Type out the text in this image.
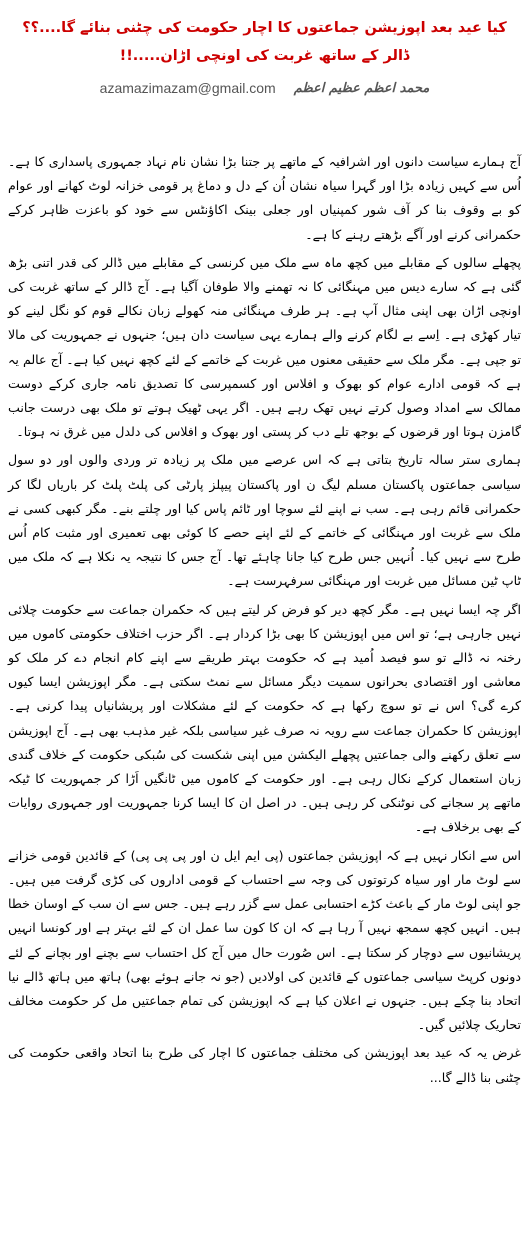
کیا عید بعد اپوزیشن جماعتوں کا اچار حکومت کی چٹنی بنائے گا....؟؟ ڈالر کے ساتھ غربت کی اونچی اڑان.....!!
محمد اعظم عظیم اعظم
azamazimazam@gmail.com

آج ہمارے سیاست دانوں اور اشرافیہ کے ماتھے پر جتنا بڑا نشان نام نہاد جمہوری پاسداری کا ہے۔ اُس سے کہیں زیادہ بڑا اور گہرا سیاہ نشان اُن کے دل و دماغ پر قومی خزانہ لوٹ کھانے اور عوام کو بے وقوف بنا کر آف شور کمپنیاں اور جعلی بینک اکاؤنٹس سے خود کو باعزت ظاہر کرکے حکمرانی کرنے اور آگے بڑھتے رہنے کا ہے۔

پچھلے سالوں کے مقابلے میں کچھ ماہ سے ملک میں کرنسی کے مقابلے میں ڈالر کی قدر اتنی بڑھ گئی ہے کہ سارے دیس میں مہنگائی کا نہ تھمنے والا طوفان آگیا ہے۔ آج ڈالر کے ساتھ غربت کی اونچی اڑان بھی اپنی مثال آپ ہے۔ ہر طرف مہنگائی منہ کھولے زبان نکالے قوم کو نگل لینے کو تیار کھڑی ہے۔ اِسے بے لگام کرنے والے ہمارے یہی سیاست دان ہیں؛ جنہوں نے جمہوریت کی مالا تو جپی ہے۔ مگر ملک سے حقیقی معنوں میں غربت کے خاتمے کے لئے کچھ نہیں کیا ہے۔ آج عالم یہ ہے کہ قومی ادارے عوام کو بھوک و افلاس اور کسمپرسی کا تصدیق نامہ جاری کرکے دوست ممالک سے امداد وصول کرتے نہیں تھک رہے ہیں۔ اگر یہی ٹھیک ہوتے تو ملک بھی درست جانب گامزن ہوتا اور قرضوں کے بوجھ تلے دب کر پستی اور بھوک و افلاس کی دلدل میں غرق نہ ہوتا۔

ہماری ستر سالہ تاریخ بتاتی ہے کہ اس عرصے میں ملک پر زیادہ تر وردی والوں اور دو سول سیاسی جماعتوں پاکستان مسلم لیگ ن اور پاکستان پیپلز پارٹی کی پلٹ پلٹ کر باریاں لگا کر حکمرانی قائم رہی ہے۔ سب نے اپنے لئے سوچا اور ٹائم پاس کیا اور چلتے بنے۔ مگر کبھی کسی نے ملک سے غربت اور مہنگائی کے خاتمے کے لئے اپنے حصے کا کوئی بھی تعمیری اور مثبت کام اُس طرح سے نہیں کیا۔ اُنہیں جس طرح کیا جانا چاہئے تھا۔ آج جس کا نتیجہ یہ نکلا ہے کہ ملک میں ٹاپ ٹین مسائل میں غربت اور مہنگائی سرفہرست ہے۔

اگر چہ ایسا نہیں ہے۔ مگر کچھ دیر کو فرض کر لیتے ہیں کہ حکمران جماعت سے حکومت چلائی نہیں جارہی ہے؛ تو اس میں اپوزیشن کا بھی بڑا کردار ہے۔ اگر حزب اختلاف حکومتی کاموں میں رخنہ نہ ڈالے تو سو فیصد اُمید ہے کہ حکومت بہتر طریقے سے اپنے کام انجام دے کر ملک کو معاشی اور اقتصادی بحرانوں سمیت دیگر مسائل سے نمٹ سکتی ہے۔ مگر اپوزیشن ایسا کیوں کرے گی؟ اس نے تو سوچ رکھا ہے کہ حکومت کے لئے مشکلات اور پریشانیاں پیدا کرنی ہے۔ اپوزیشن کا حکمران جماعت سے رویہ نہ صرف غیر سیاسی بلکہ غیر مذہب بھی ہے۔ آج اپوزیشن سے تعلق رکھنے والی جماعتیں پچھلے الیکشن میں اپنی شکست کی سُبکی حکومت کے خلاف گندی زبان استعمال کرکے نکال رہی ہے۔ اور حکومت کے کاموں میں ٹانگیں اَڑا کر جمہوریت کا ٹیکہ ماتھے پر سجانے کی نوٹنکی کر رہی ہیں۔ در اصل ان کا ایسا کرنا جمہوریت اور جمہوری روایات کے بھی برخلاف ہے۔

اس سے انکار نہیں ہے کہ اپوزیشن جماعتوں (پی ایم ایل ن اور پی پی پی) کے قائدین قومی خزانے سے لوٹ مار اور سیاہ کرتوتوں کی وجہ سے احتساب کے قومی اداروں کی کڑی گرفت میں ہیں۔ جو اپنی لوٹ مار کے باعث کڑے احتسابی عمل سے گزر رہے ہیں۔ جس سے ان سب کے اوسان خطا ہیں۔ انہیں کچھ سمجھ نہیں آ رہا ہے کہ ان کا کون سا عمل ان کے لئے بہتر ہے اور کونسا انہیں پریشانیوں سے دوچار کر سکتا ہے۔ اس صُورت حال میں آج کل احتساب سے بچنے اور بچانے کے لئے دونوں کرپٹ سیاسی جماعتوں کے قائدین کی اولادیں (جو نہ جانے ہوئے بھی) ہاتھ میں ہاتھ ڈالے نیا اتحاد بنا چکے ہیں۔ جنہوں نے اعلان کیا ہے کہ اپوزیشن کی تمام جماعتیں مل کر حکومت مخالف تحاریک چلائیں گیں۔

غرض یہ کہ عید بعد اپوزیشن کی مختلف جماعتوں کا اچار کی طرح بنا اتحاد واقعی حکومت کی چٹنی بنا ڈالے گا...
